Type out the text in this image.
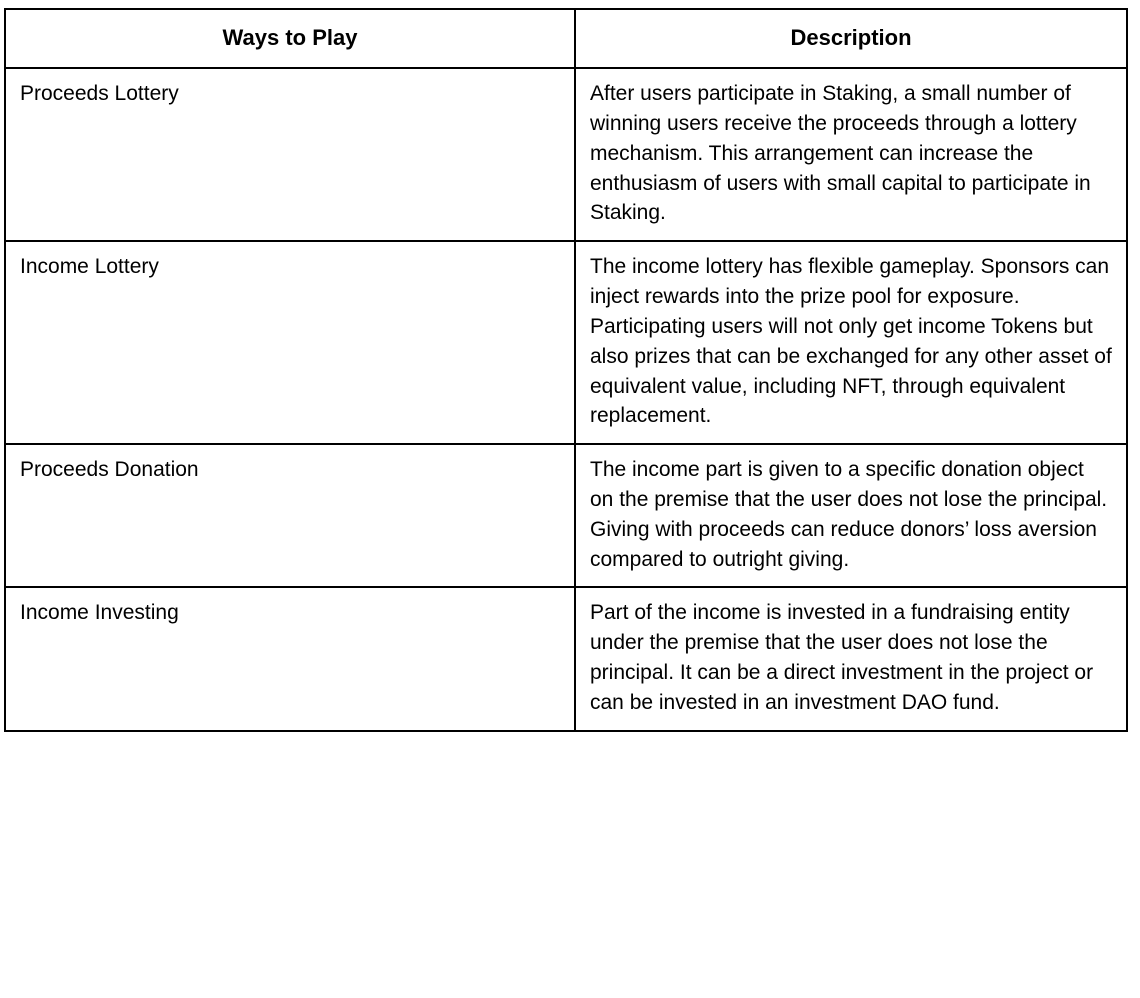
Ways to Play	Description
Proceeds Lottery	After users participate in Staking, a small number of winning users receive the proceeds through a lottery mechanism. This arrangement can increase the enthusiasm of users with small capital to participate in Staking.
Income Lottery	The income lottery has flexible gameplay. Sponsors can inject rewards into the prize pool for exposure. Participating users will not only get income Tokens but also prizes that can be exchanged for any other asset of equivalent value, including NFT, through equivalent replacement.
Proceeds Donation	The income part is given to a specific donation object on the premise that the user does not lose the principal. Giving with proceeds can reduce donors’ loss aversion compared to outright giving.
Income Investing	Part of the income is invested in a fundraising entity under the premise that the user does not lose the principal. It can be a direct investment in the project or can be invested in an investment DAO fund.
